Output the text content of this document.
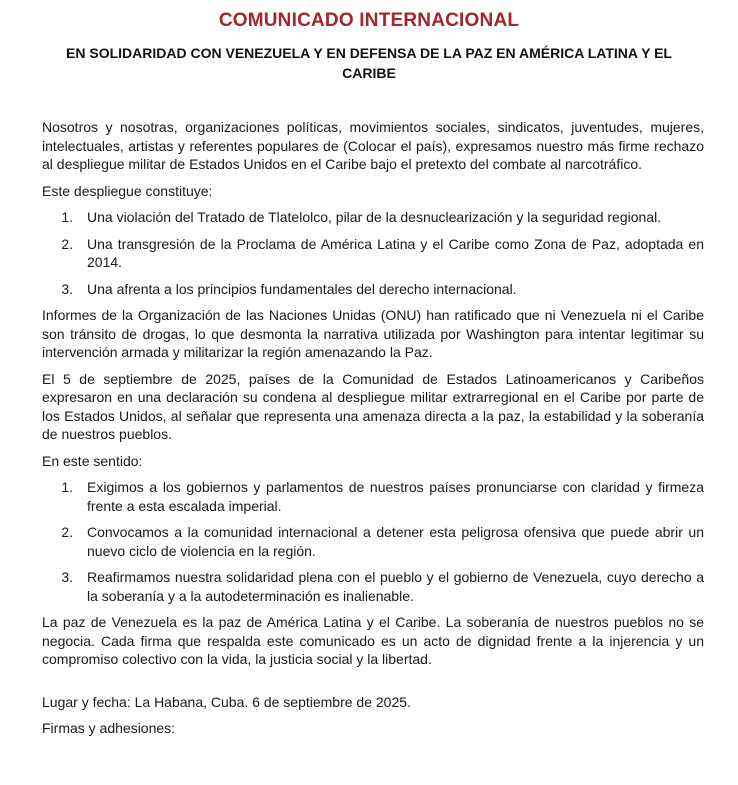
COMUNICADO INTERNACIONAL
EN SOLIDARIDAD CON VENEZUELA Y EN DEFENSA DE LA PAZ EN AMÉRICA LATINA Y EL CARIBE

Nosotros y nosotras, organizaciones políticas, movimientos sociales, sindicatos, juventudes, mujeres, intelectuales, artistas y referentes populares de (Colocar el país), expresamos nuestro más firme rechazo al despliegue militar de Estados Unidos en el Caribe bajo el pretexto del combate al narcotráfico.

Este despliegue constituye:

1.	Una violación del Tratado de Tlatelolco, pilar de la desnuclearización y la seguridad regional.
2.	Una transgresión de la Proclama de América Latina y el Caribe como Zona de Paz, adoptada en 2014.
3.	Una afrenta a los principios fundamentales del derecho internacional.

Informes de la Organización de las Naciones Unidas (ONU) han ratificado que ni Venezuela ni el Caribe son tránsito de drogas, lo que desmonta la narrativa utilizada por Washington para intentar legitimar su intervención armada y militarizar la región amenazando la Paz.

El 5 de septiembre de 2025, países de la Comunidad de Estados Latinoamericanos y Caribeños expresaron en una declaración su condena al despliegue militar extrarregional en el Caribe por parte de los Estados Unidos, al señalar que representa una amenaza directa a la paz, la estabilidad y la soberanía de nuestros pueblos.

En este sentido:

1.	Exigimos a los gobiernos y parlamentos de nuestros países pronunciarse con claridad y firmeza frente a esta escalada imperial.
2.	Convocamos a la comunidad internacional a detener esta peligrosa ofensiva que puede abrir un nuevo ciclo de violencia en la región.
3.	Reafirmamos nuestra solidaridad plena con el pueblo y el gobierno de Venezuela, cuyo derecho a la soberanía y a la autodeterminación es inalienable.

La paz de Venezuela es la paz de América Latina y el Caribe. La soberanía de nuestros pueblos no se negocia. Cada firma que respalda este comunicado es un acto de dignidad frente a la injerencia y un compromiso colectivo con la vida, la justicia social y la libertad.

Lugar y fecha: La Habana, Cuba. 6 de septiembre de 2025.

Firmas y adhesiones:
